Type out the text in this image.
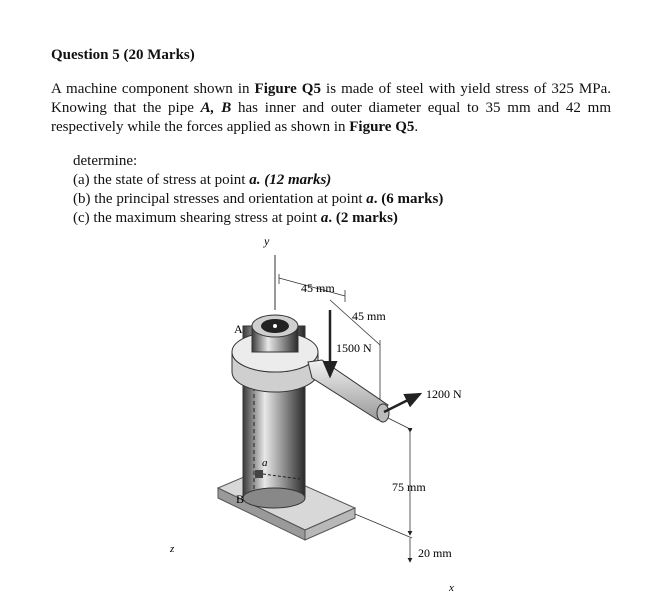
Question 5 (20 Marks)
A machine component shown in Figure Q5 is made of steel with yield stress of 325 MPa. Knowing that the pipe A, B has inner and outer diameter equal to 35 mm and 42 mm respectively while the forces applied as shown in Figure Q5.
determine:
(a) the state of stress at point a. (12 marks)
(b) the principal stresses and orientation at point a. (6 marks)
(c) the maximum shearing stress at point a. (2 marks)
y
a
A
B
45 mm
45 mm
1500 N
1200 N
75 mm
20 mm
z
x
